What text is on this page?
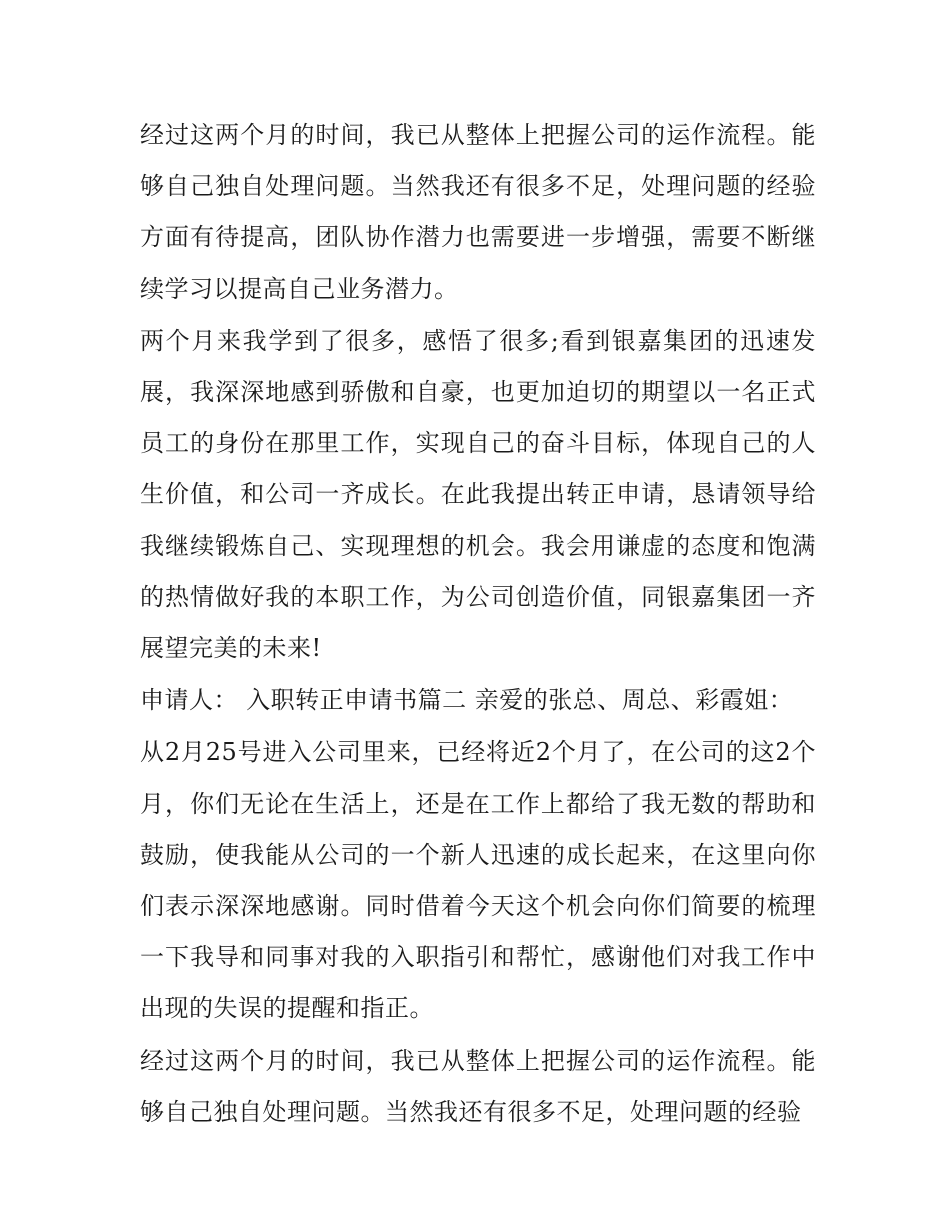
经过这两个月的时间，我已从整体上把握公司的运作流程。能够自己独自处理问题。当然我还有很多不足，处理问题的经验方面有待提高，团队协作潜力也需要进一步增强，需要不断继续学习以提高自己业务潜力。

两个月来我学到了很多，感悟了很多;看到银嘉集团的迅速发展，我深深地感到骄傲和自豪，也更加迫切的期望以一名正式员工的身份在那里工作，实现自己的奋斗目标，体现自己的人生价值，和公司一齐成长。在此我提出转正申请，恳请领导给我继续锻炼自己、实现理想的机会。我会用谦虚的态度和饱满的热情做好我的本职工作，为公司创造价值，同银嘉集团一齐展望完美的未来!

申请人： 入职转正申请书篇二 亲爱的张总、周总、彩霞姐：

从2月25号进入公司里来，已经将近2个月了，在公司的这2个月，你们无论在生活上，还是在工作上都给了我无数的帮助和鼓励，使我能从公司的一个新人迅速的成长起来，在这里向你们表示深深地感谢。同时借着今天这个机会向你们简要的梳理一下我导和同事对我的入职指引和帮忙，感谢他们对我工作中出现的失误的提醒和指正。

经过这两个月的时间，我已从整体上把握公司的运作流程。能够自己独自处理问题。当然我还有很多不足，处理问题的经验
